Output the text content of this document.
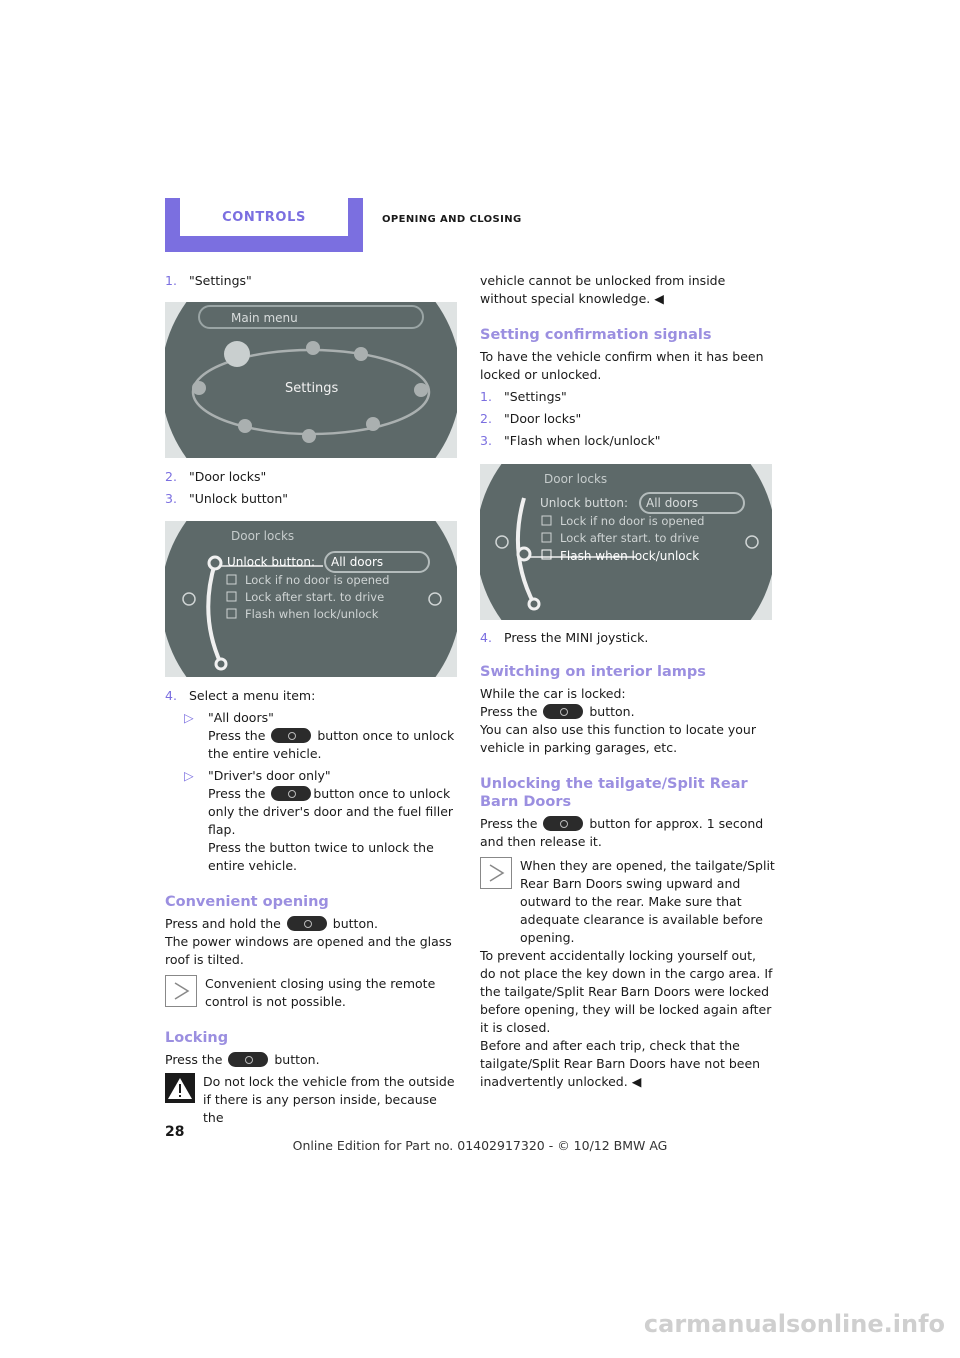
CONTROLS	OPENING AND CLOSING
1. "Settings"
Main menu
Settings
2. "Door locks"
3. "Unlock button"
Door locks
Unlock button: All doors
Lock if no door is opened
Lock after start. to drive
Flash when lock/unlock
4. Select a menu item:
▷	"All doors"

Press the	button once to unlock the entire vehicle.

▷	"Driver's door only"

Press the	button once to unlock only the driver's door and the fuel filler flap.

Press the button twice to unlock the entire vehicle.

Convenient opening

Press and hold the	button.

The power windows are opened and the glass roof is tilted.

Convenient closing using the remote control is not possible.

Locking

Press the	button.

Do not lock the vehicle from the outside if there is any person inside, because the

vehicle cannot be unlocked from inside without special knowledge. ◀

Setting confirmation signals

To have the vehicle confirm when it has been locked or unlocked.

1. "Settings"
2. "Door locks"
3. "Flash when lock/unlock"
Door locks
Unlock button: All doors
Lock if no door is opened
Lock after start. to drive
Flash when lock/unlock
4. Press the MINI joystick.
Switching on interior lamps

While the car is locked:

Press the	button.

You can also use this function to locate your vehicle in parking garages, etc.

Unlocking the tailgate/Split Rear Barn Doors

Press the	button for approx. 1 second and then release it.

When they are opened, the tailgate/Split Rear Barn Doors swing upward and outward to the rear. Make sure that adequate clearance is available before opening.

To prevent accidentally locking yourself out, do not place the key down in the cargo area. If the tailgate/Split Rear Barn Doors were locked before opening, they will be locked again after it is closed.

Before and after each trip, check that the tailgate/Split Rear Barn Doors have not been inadvertently unlocked. ◀

28
Online Edition for Part no. 01402917320 - © 10/12 BMW AG
carmanualsonline.info
